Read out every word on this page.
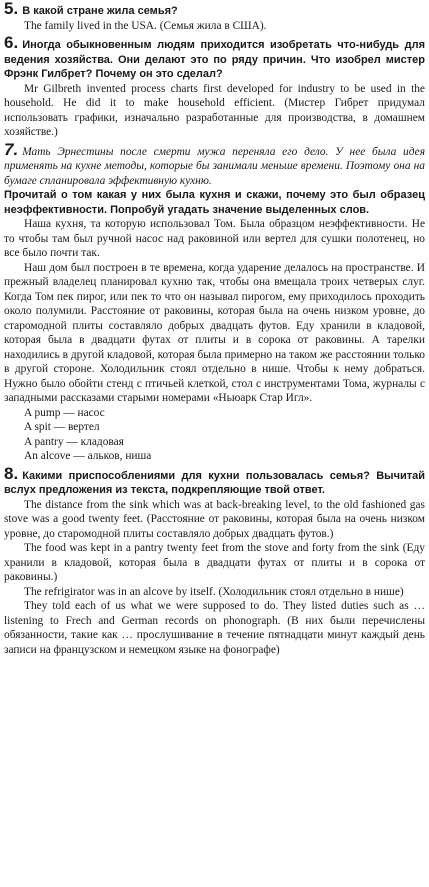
5. В какой стране жила семья?

The family lived in the USA. (Семья жила в США).

6. Иногда обыкновенным людям приходится изобретать что-нибудь для ведения хозяйства. Они делают это по ряду причин. Что изобрел мистер Фрэнк Гилбрет? Почему он это сделал?

Mr Gilbreth invented process charts first developed for industry to be used in the household. He did it to make household efficient. (Мистер Гибрет придумал использовать графики, изначально разработанные для производства, в домашнем хозяйстве.)

7. Мать Эрнестины после смерти мужа переняла его дело. У нее была идея применять на кухне методы, которые бы занимали меньше времени. Поэтому она на бумаге спланировала эффективную кухню.

Прочитай о том какая у них была кухня и скажи, почему это был образец неэффективности. Попробуй угадать значение выделенных слов.

Наша кухня, та которую использовал Том. Была образцом неэффективности. Не то чтобы там был ручной насос над раковиной или вертел для сушки полотенец, но все было почти так.

Наш дом был построен в те времена, когда ударение делалось на пространстве. И прежный владелец планировал кухню так, чтобы она вмещала троих четверых слуг. Когда Том пек пирог, или пек то что он называл пирогом, ему приходилось проходить около полумили. Расстояние от раковины, которая была на очень низком уровне, до старомодной плиты составляло добрых двадцать футов. Еду хранили в кладовой, которая была в двадцати футах от плиты и в сорока от раковины. А тарелки находились в другой кладовой, которая была примерно на таком же расстоянии только в другой стороне. Холодильник стоял отдельно в нише. Чтобы к нему добраться. Нужно было обойти стенд с птичьей клеткой, стол с инструментами Тома, журналы с западными рассказами старыми номерами «Ньюарк Стар Игл».

A pump — насос

A spit — вертел

A pantry — кладовая

An alcove — альков, ниша

8. Какими приспособлениями для кухни пользовалась семья? Вычитай вслух предложения из текста, подкрепляющие твой ответ.

The distance from the sink which was at back-breaking level, to the old fashioned gas stove was a good twenty feet. (Расстояние от раковины, которая была на очень низком уровне, до старомодной плиты составляло добрых двадцать футов.)

The food was kept in a pantry twenty feet from the stove and forty from the sink (Еду хранили в кладовой, которая была в двадцати футах от плиты и в сорока от раковины.)

The refrigirator was in an alcove by itself. (Холодильник стоял отдельно в нише)

They told each of us what we were supposed to do. They listed duties such as …listening to Frech and German records on phonograph. (В них были перечислены обязанности, такие как … прослушивание в течение пятнадцати минут каждый день записи на французском и немецком языке на фонографе)
